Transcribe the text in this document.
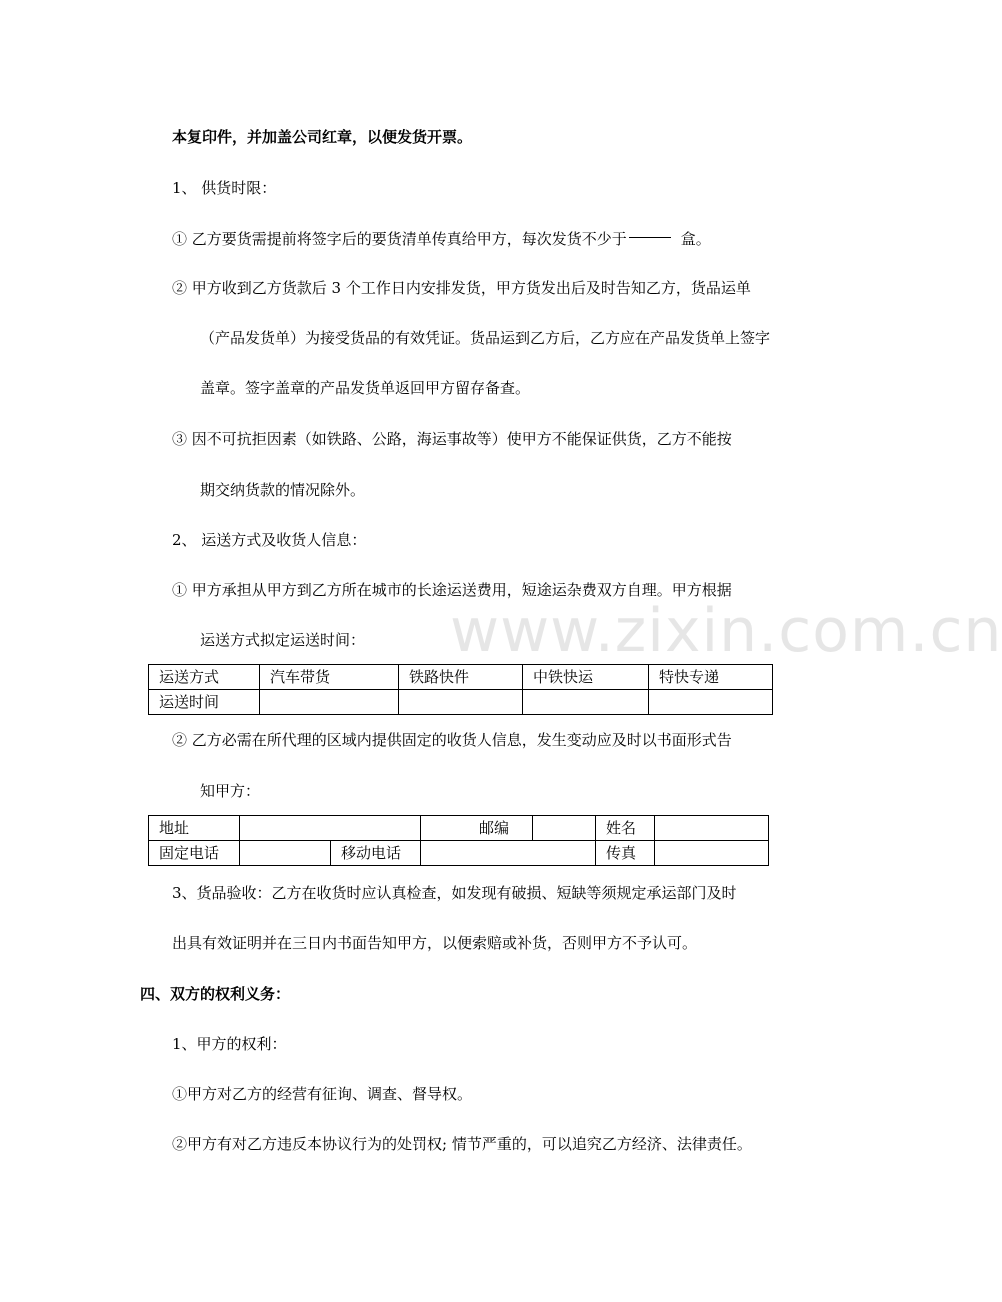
www.zixin.com.cn
本复印件，并加盖公司红章，以便发货开票。
1、 供货时限：
① 乙方要货需提前将签字后的要货清单传真给甲方，每次发货不少于	盒。
② 甲方收到乙方货款后 3 个工作日内安排发货，甲方货发出后及时告知乙方，货品运单
（产品发货单）为接受货品的有效凭证。货品运到乙方后，乙方应在产品发货单上签字
盖章。签字盖章的产品发货单返回甲方留存备查。
③ 因不可抗拒因素（如铁路、公路，海运事故等）使甲方不能保证供货，乙方不能按
期交纳货款的情况除外。
2、 运送方式及收货人信息：
① 甲方承担从甲方到乙方所在城市的长途运送费用，短途运杂费双方自理。甲方根据
运送方式拟定运送时间：
运送方式	汽车带货	铁路快件	中铁快运	特快专递
运送时间				
② 乙方必需在所代理的区域内提供固定的收货人信息，发生变动应及时以书面形式告
知甲方：
地址			邮编		姓名	
固定电话		移动电话			传真	
3、货品验收：乙方在收货时应认真检查，如发现有破损、短缺等须规定承运部门及时
出具有效证明并在三日内书面告知甲方，以便索赔或补货，否则甲方不予认可。
四、双方的权利义务：
1、甲方的权利：
①甲方对乙方的经营有征询、调查、督导权。
②甲方有对乙方违反本协议行为的处罚权; 情节严重的，可以追究乙方经济、法律责任。
